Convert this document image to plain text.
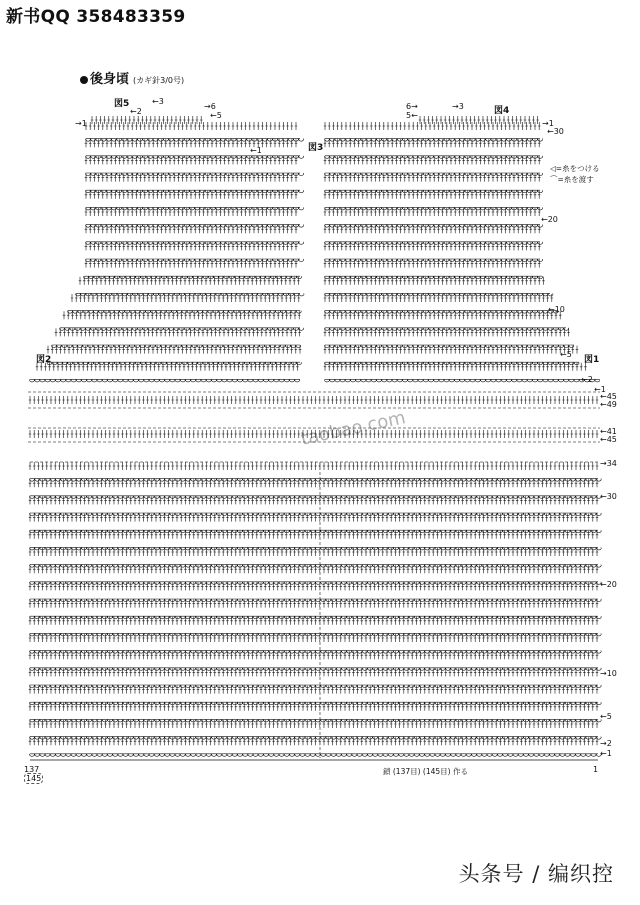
新书QQ 358483359
後身頃 (カギ針3/0号)
図5
図4
図3
図2	図1
◁=糸をつける
⌒=糸を渡す
←30
←20
←10
←5
←2
←1
←45
←49
←41
←45
→34
←30
←20
→10
←5
→2
←1
←3
←2
→1
→6
←5
←1
6→
5←
→3
→1
137
145
鎖 (137目) (145目) 作る	1
taobao.com
头条号 / 编织控
